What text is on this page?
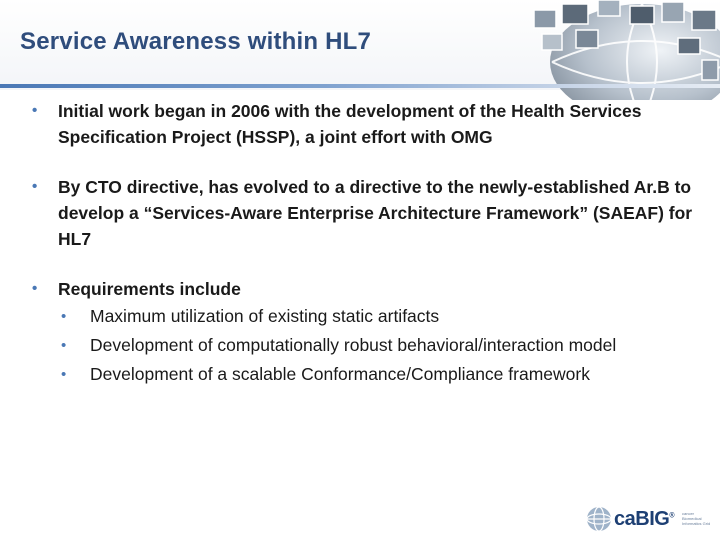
Service Awareness within HL7
• Initial work began in 2006 with the development of the Health Services Specification Project (HSSP), a joint effort with OMG
• By CTO directive, has evolved to a directive to the newly-established Ar.B to develop a “Services-Aware Enterprise Architecture Framework” (SAEAF) for HL7
• Requirements include
• Maximum utilization of existing static artifacts
• Development of computationally robust behavioral/interaction model
• Development of a scalable Conformance/Compliance framework
caBIG® cancer Biomedical Informatics Grid
